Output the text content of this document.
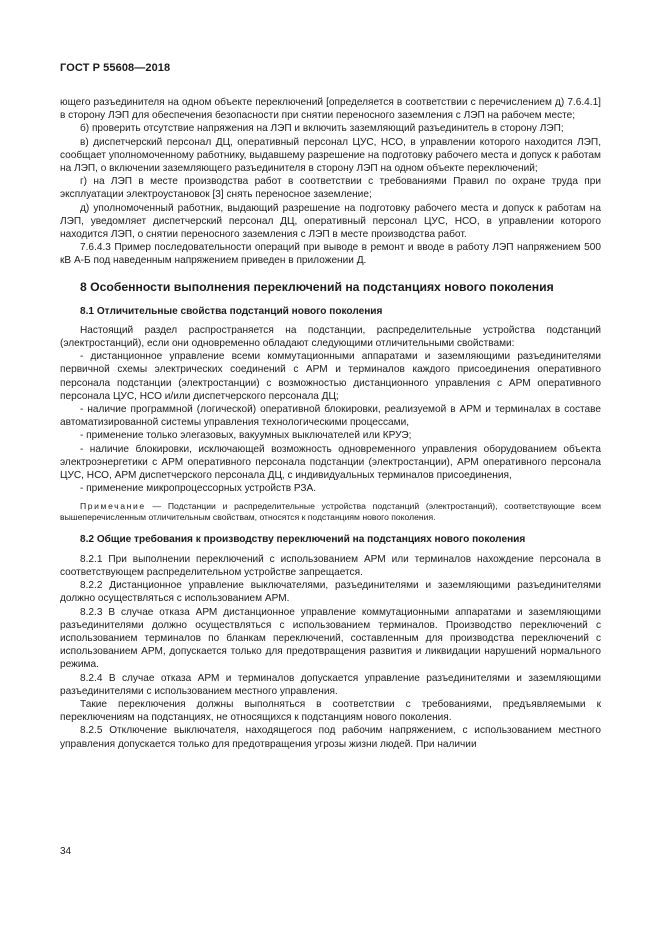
ГОСТ Р 55608—2018

ющего разъединителя на одном объекте переключений [определяется в соответствии с перечислением д) 7.6.4.1] в сторону ЛЭП для обеспечения безопасности при снятии переносного заземления с ЛЭП на рабочем месте;

б) проверить отсутствие напряжения на ЛЭП и включить заземляющий разъединитель в сторону ЛЭП;

в) диспетчерский персонал ДЦ, оперативный персонал ЦУС, НСО, в управлении которого находится ЛЭП, сообщает уполномоченному работнику, выдавшему разрешение на подготовку рабочего места и допуск к работам на ЛЭП, о включении заземляющего разъединителя в сторону ЛЭП на одном объекте переключений;

г) на ЛЭП в месте производства работ в соответствии с требованиями Правил по охране труда при эксплуатации электроустановок [3] снять переносное заземление;

д) уполномоченный работник, выдающий разрешение на подготовку рабочего места и допуск к работам на ЛЭП, уведомляет диспетчерский персонал ДЦ, оперативный персонал ЦУС, НСО, в управлении которого находится ЛЭП, о снятии переносного заземления с ЛЭП в месте производства работ.

7.6.4.3 Пример последовательности операций при выводе в ремонт и вводе в работу ЛЭП напряжением 500 кВ А-Б под наведенным напряжением приведен в приложении Д.

8 Особенности выполнения переключений на подстанциях нового поколения

8.1 Отличительные свойства подстанций нового поколения

Настоящий раздел распространяется на подстанции, распределительные устройства подстанций (электростанций), если они одновременно обладают следующими отличительными свойствами:

- дистанционное управление всеми коммутационными аппаратами и заземляющими разъединителями первичной схемы электрических соединений с АРМ и терминалов каждого присоединения оперативного персонала подстанции (электростанции) с возможностью дистанционного управления с АРМ оперативного персонала ЦУС, НСО и/или диспетчерского персонала ДЦ;

- наличие программной (логической) оперативной блокировки, реализуемой в АРМ и терминалах в составе автоматизированной системы управления технологическими процессами,

- применение только элегазовых, вакуумных выключателей или КРУЭ;

- наличие блокировки, исключающей возможность одновременного управления оборудованием объекта электроэнергетики с АРМ оперативного персонала подстанции (электростанции), АРМ оперативного персонала ЦУС, НСО, АРМ диспетчерского персонала ДЦ, с индивидуальных терминалов присоединения,

- применение микропроцессорных устройств РЗА.

Примечание — Подстанции и распределительные устройства подстанций (электростанций), соответствующие всем вышеперечисленным отличительным свойствам, относятся к подстанциям нового поколения.

8.2 Общие требования к производству переключений на подстанциях нового поколения

8.2.1 При выполнении переключений с использованием АРМ или терминалов нахождение персонала в соответствующем распределительном устройстве запрещается.

8.2.2 Дистанционное управление выключателями, разъединителями и заземляющими разъединителями должно осуществляться с использованием АРМ.

8.2.3 В случае отказа АРМ дистанционное управление коммутационными аппаратами и заземляющими разъединителями должно осуществляться с использованием терминалов. Производство переключений с использованием терминалов по бланкам переключений, составленным для производства переключений с использованием АРМ, допускается только для предотвращения развития и ликвидации нарушений нормального режима.

8.2.4 В случае отказа АРМ и терминалов допускается управление разъединителями и заземляющими разъединителями с использованием местного управления.

Такие переключения должны выполняться в соответствии с требованиями, предъявляемыми к переключениям на подстанциях, не относящихся к подстанциям нового поколения.

8.2.5 Отключение выключателя, находящегося под рабочим напряжением, с использованием местного управления допускается только для предотвращения угрозы жизни людей. При наличии

34
